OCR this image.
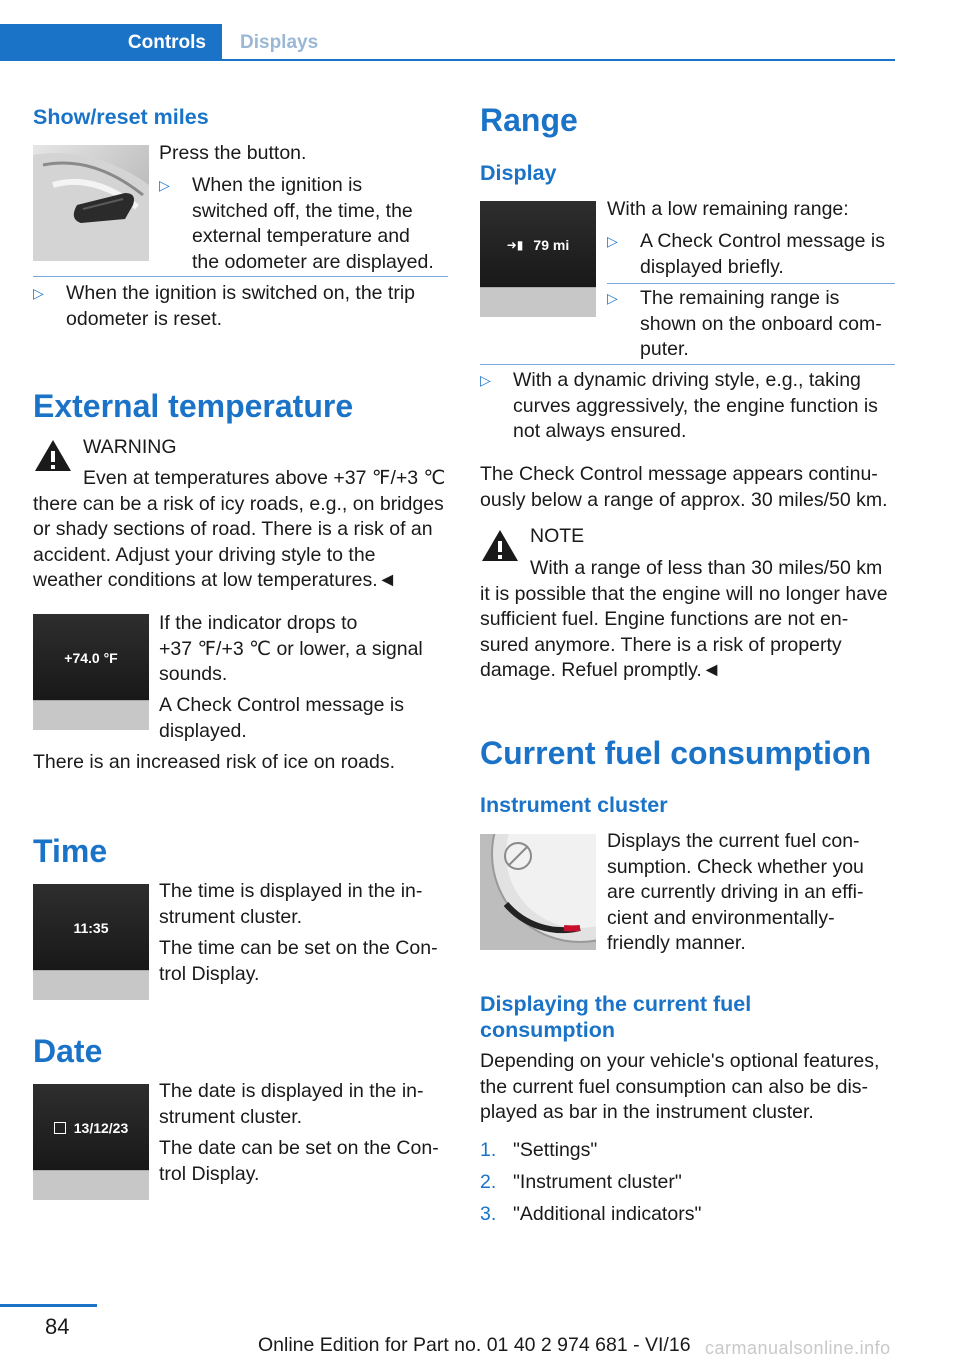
Controls	Displays
Show/reset miles
Press the button.
▷ When the ignition is
switched off, the time, the
external temperature and
the odometer are displayed.
▷ When the ignition is switched on, the trip
odometer is reset.
External temperature
WARNING
Even at temperatures above +37 ℉/+3 ℃
there can be a risk of icy roads, e.g., on bridges
or shady sections of road. There is a risk of an
accident. Adjust your driving style to the
weather conditions at low temperatures.◄
+74.0 °F
If the indicator drops to
+37 ℉/+3 ℃ or lower, a signal
sounds.
A Check Control message is
displayed.
There is an increased risk of ice on roads.
Time
11:35
The time is displayed in the in-
strument cluster.
The time can be set on the Con-
trol Display.
Date
13/12/23
The date is displayed in the in-
strument cluster.
The date can be set on the Con-
trol Display.
Range
Display
➜▮ 79 mi
With a low remaining range:
▷ A Check Control message is
displayed briefly.
▷ The remaining range is
shown on the onboard com-
puter.
▷ With a dynamic driving style, e.g., taking
curves aggressively, the engine function is
not always ensured.
The Check Control message appears continu-
ously below a range of approx. 30 miles/50 km.
NOTE
With a range of less than 30 miles/50 km
it is possible that the engine will no longer have
sufficient fuel. Engine functions are not en-
sured anymore. There is a risk of property
damage. Refuel promptly.◄
Current fuel consumption
Instrument cluster
Displays the current fuel con-
sumption. Check whether you
are currently driving in an effi-
cient and environmentally-
friendly manner.
Displaying the current fuel
consumption
Depending on your vehicle's optional features,
the current fuel consumption can also be dis-
played as bar in the instrument cluster.
1. "Settings"
2. "Instrument cluster"
3. "Additional indicators"
84
Online Edition for Part no. 01 40 2 974 681 - VI/16 carmanualsonline.info
